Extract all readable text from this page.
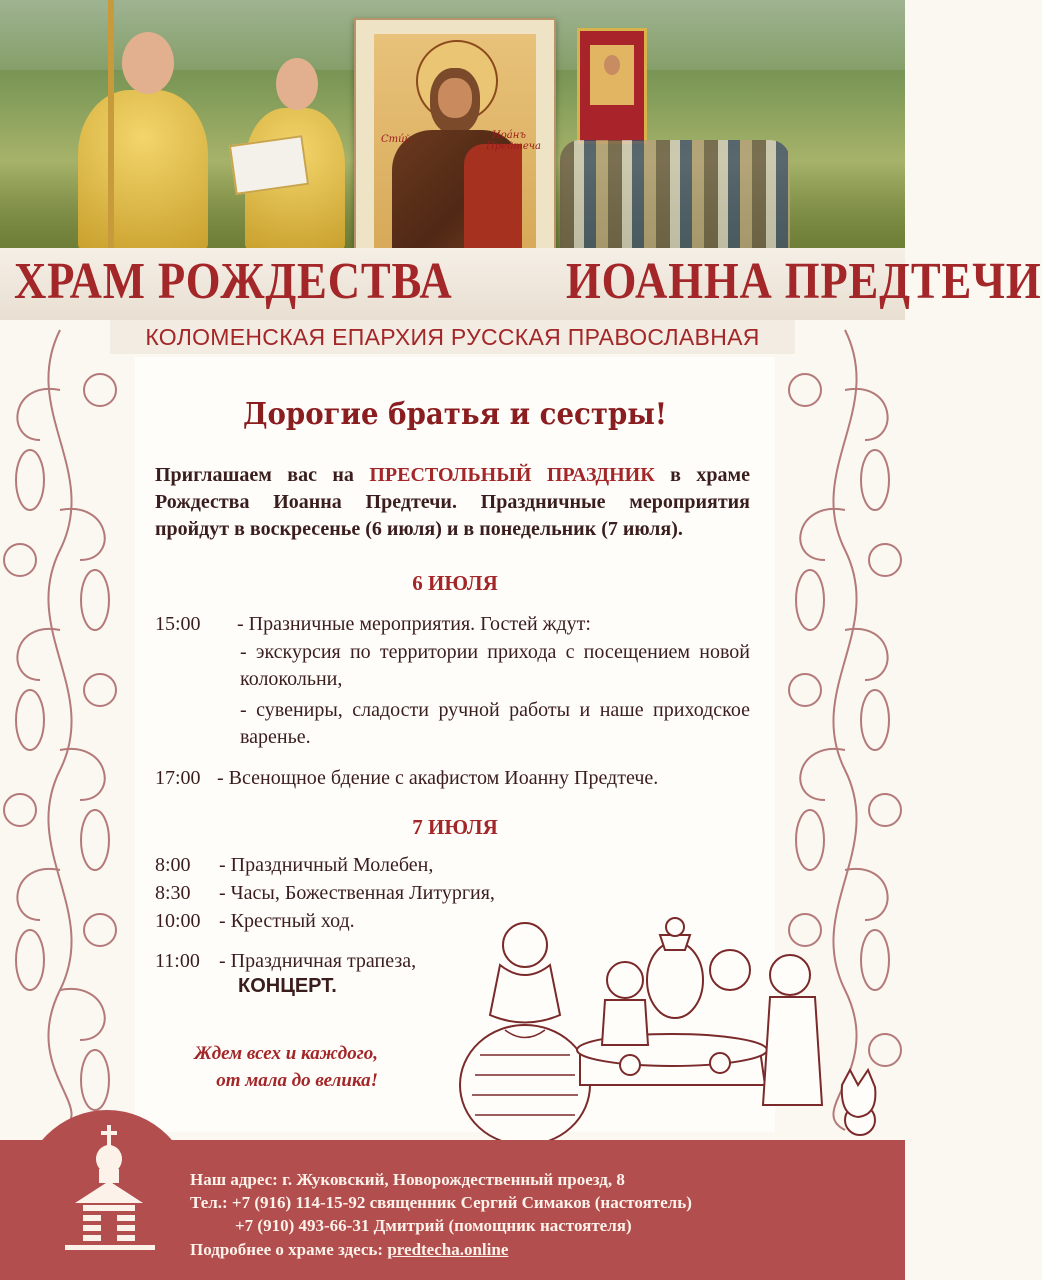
Сти́й	Иоа́нъ Предтеча
ХРАМ РОЖДЕСТВА ИОАННА ПРЕДТЕЧИ
КОЛОМЕНСКАЯ ЕПАРХИЯ РУССКАЯ ПРАВОСЛАВНАЯ
Дорогие братья и сестры!
Приглашаем вас на ПРЕСТОЛЬНЫЙ ПРАЗДНИК в храме Рождества Иоанна Предтечи. Праздничные мероприятия пройдут в воскресенье (6 июля) и в понедельник (7 июля).
6 ИЮЛЯ
15:00	- Празничные мероприятия. Гостей ждут:
- экскурсия по территории прихода с посещением новой колокольни,
- сувениры, сладости ручной работы и наше приходское варенье.
17:00 - Всенощное бдение с акафистом Иоанну Предтече.
7 ИЮЛЯ
8:00	- Праздничный Молебен,
8:30	- Часы, Божественная Литургия,
10:00 - Крестный ход.
11:00 - Праздничная трапеза,
КОНЦЕРТ.
Ждем всех и каждого,
от мала до велика!
Наш адрес: г. Жуковский, Новорождественный проезд, 8
Тел.: +7 (916) 114-15-92 священник Сергий Симаков (настоятель)
+7 (910) 493-66-31 Дмитрий (помощник настоятеля)
Подробнее о храме здесь: predtecha.online
